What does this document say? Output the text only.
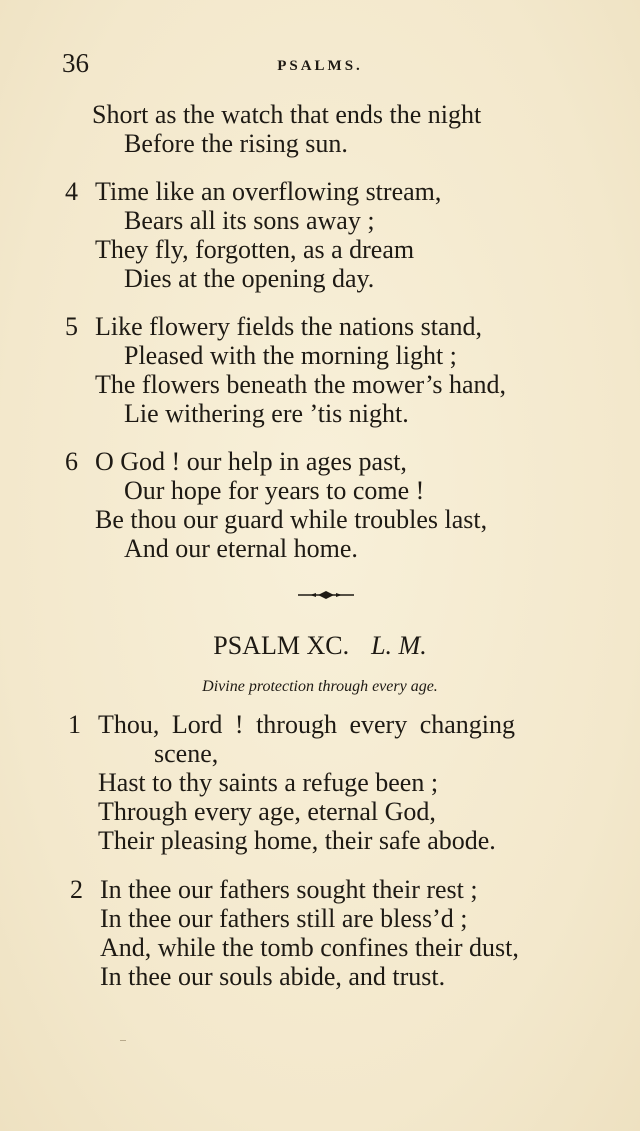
36	PSALMS.
Short as the watch that ends the night
Before the rising sun.
4 Time like an overflowing stream,
Bears all its sons away ;
They fly, forgotten, as a dream
Dies at the opening day.
5 Like flowery fields the nations stand,
Pleased with the morning light ;
The flowers beneath the mower’s hand,
Lie withering ere ’tis night.
6 O God ! our help in ages past,
Our hope for years to come !
Be thou our guard while troubles last,
And our eternal home.
PSALM XC. L. M.
Divine protection through every age.
1 Thou, Lord ! through every changing
scene,
Hast to thy saints a refuge been ;
Through every age, eternal God,
Their pleasing home, their safe abode.
2 In thee our fathers sought their rest ;
In thee our fathers still are bless’d ;
And, while the tomb confines their dust,
In thee our souls abide, and trust.
